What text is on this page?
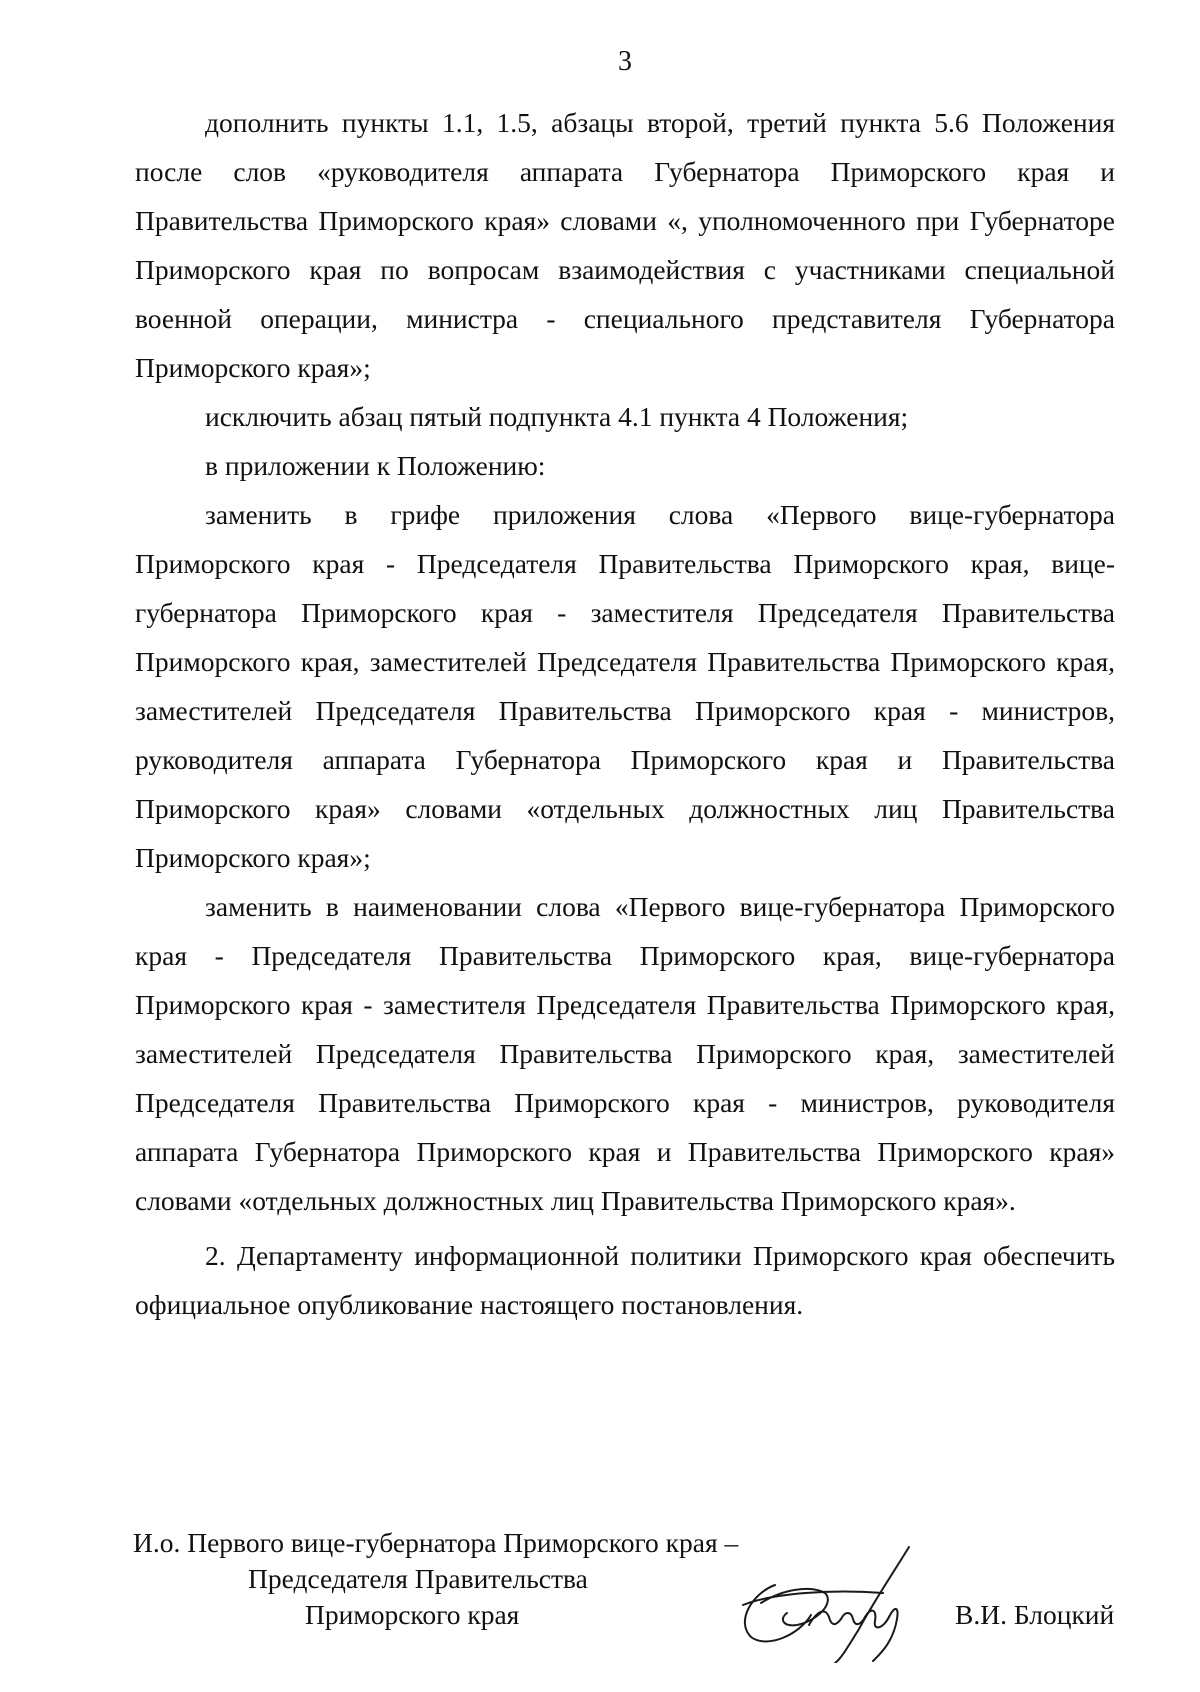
3

дополнить пункты 1.1, 1.5, абзацы второй, третий пункта 5.6 Положения после слов «руководителя аппарата Губернатора Приморского края и Правительства Приморского края» словами «, уполномоченного при Губернаторе Приморского края по вопросам взаимодействия с участниками специальной военной операции, министра - специального представителя Губернатора Приморского края»;

исключить абзац пятый подпункта 4.1 пункта 4 Положения;

в приложении к Положению:

заменить в грифе приложения слова «Первого вице-губернатора Приморского края - Председателя Правительства Приморского края, вице-губернатора Приморского края - заместителя Председателя Правительства Приморского края, заместителей Председателя Правительства Приморского края, заместителей Председателя Правительства Приморского края - министров, руководителя аппарата Губернатора Приморского края и Правительства Приморского края» словами «отдельных должностных лиц Правительства Приморского края»;

заменить в наименовании слова «Первого вице-губернатора Приморского края - Председателя Правительства Приморского края, вице-губернатора Приморского края - заместителя Председателя Правительства Приморского края, заместителей Председателя Правительства Приморского края, заместителей Председателя Правительства Приморского края - министров, руководителя аппарата Губернатора Приморского края и Правительства Приморского края» словами «отдельных должностных лиц Правительства Приморского края».

2. Департаменту информационной политики Приморского края обеспечить официальное опубликование настоящего постановления.

И.о. Первого вице-губернатора Приморского края –
Председателя Правительства
Приморского края	В.И. Блоцкий
